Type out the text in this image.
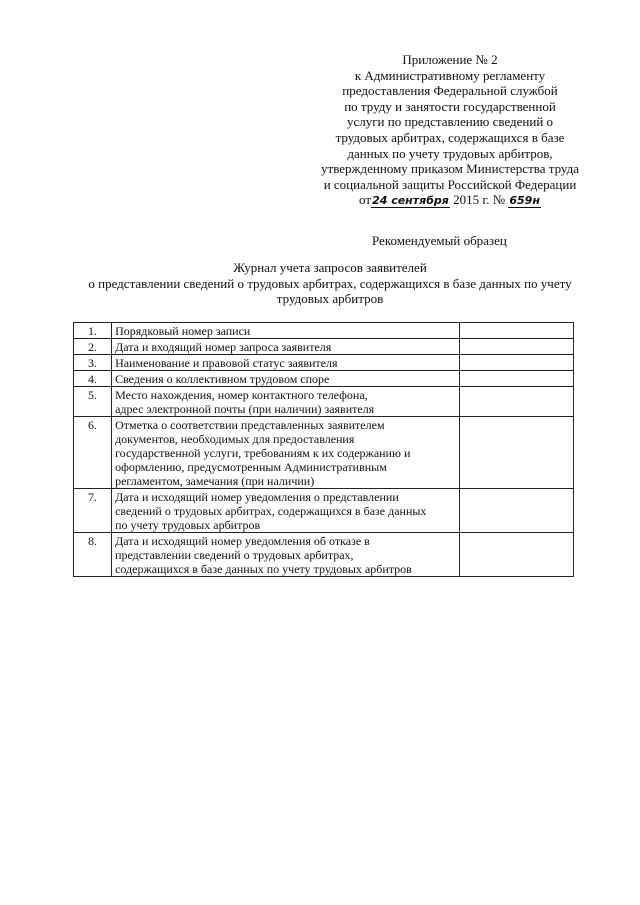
Приложение № 2
к Административному регламенту
предоставления Федеральной службой
по труду и занятости государственной
услуги по представлению сведений о
трудовых арбитрах, содержащихся в базе
данных по учету трудовых арбитров,
утвержденному приказом Министерства труда
и социальной защиты Российской Федерации
от24 сентября 2015 г. № 659н
Рекомендуемый образец
Журнал учета запросов заявителей
о представлении сведений о трудовых арбитрах, содержащихся в базе данных по учету
трудовых арбитров
1.	Порядковый номер записи	

2.	Дата и входящий номер запроса заявителя	

3.	Наименование и правовой статус заявителя	

4.	Сведения о коллективном трудовом споре	

5.	Место нахождения, номер контактного телефона,
адрес электронной почты (при наличии) заявителя	

6.	Отметка о соответствии представленных заявителем
документов, необходимых для предоставления
государственной услуги, требованиям к их содержанию и
оформлению, предусмотренным Административным
регламентом, замечания (при наличии)	

7.	Дата и исходящий номер уведомления о представлении
сведений о трудовых арбитрах, содержащихся в базе данных
по учету трудовых арбитров	

8.	Дата и исходящий номер уведомления об отказе в
представлении сведений о трудовых арбитрах,
содержащихся в базе данных по учету трудовых арбитров	
